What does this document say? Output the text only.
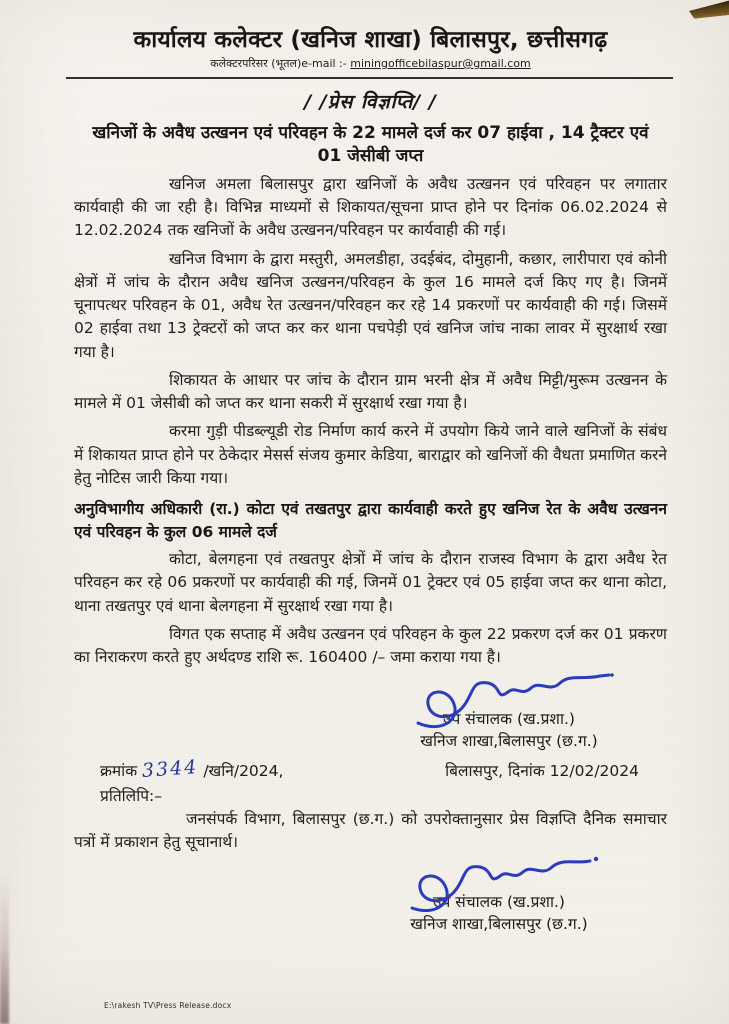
कार्यालय कलेक्टर (खनिज शाखा) बिलासपुर, छत्तीसगढ़
कलेक्टरपरिसर (भूतल)e-mail :- miningofficebilaspur@gmail.com
/ /प्रेस विज्ञप्ति/ /
खनिजों के अवैध उत्खनन एवं परिवहन के 22 मामले दर्ज कर 07 हाईवा , 14 ट्रैक्टर एवं 01 जेसीबी जप्त

खनिज अमला बिलासपुर द्वारा खनिजों के अवैध उत्खनन एवं परिवहन पर लगातार कार्यवाही की जा रही है। विभिन्न माध्यमों से शिकायत/सूचना प्राप्त होने पर दिनांक 06.02.2024 से 12.02.2024 तक खनिजों के अवैध उत्खनन/परिवहन पर कार्यवाही की गई।

खनिज विभाग के द्वारा मस्तुरी, अमलडीहा, उदईबंद, दोमुहानी, कछार, लारीपारा एवं कोनी क्षेत्रों में जांच के दौरान अवैध खनिज उत्खनन/परिवहन के कुल 16 मामले दर्ज किए गए है। जिनमें चूनापत्थर परिवहन के 01, अवैध रेत उत्खनन/परिवहन कर रहे 14 प्रकरणों पर कार्यवाही की गई। जिसमें 02 हाईवा तथा 13 ट्रेक्टरों को जप्त कर कर थाना पचपेड़ी एवं खनिज जांच नाका लावर में सुरक्षार्थ रखा गया है।

शिकायत के आधार पर जांच के दौरान ग्राम भरनी क्षेत्र में अवैध मिट्टी/मुरूम उत्खनन के मामले में 01 जेसीबी को जप्त कर थाना सकरी में सुरक्षार्थ रखा गया है।

करमा गुड़ी पीडब्ल्यूडी रोड निर्माण कार्य करने में उपयोग किये जाने वाले खनिजों के संबंध में शिकायत प्राप्त होने पर ठेकेदार मेसर्स संजय कुमार केडिया, बाराद्वार को खनिजों की वैधता प्रमाणित करने हेतु नोटिस जारी किया गया।

अनुविभागीय अधिकारी (रा.) कोटा एवं तखतपुर द्वारा कार्यवाही करते हुए खनिज रेत के अवैध उत्खनन एवं परिवहन के कुल 06 मामले दर्ज

कोटा, बेलगहना एवं तखतपुर क्षेत्रों में जांच के दौरान राजस्व विभाग के द्वारा अवैध रेत परिवहन कर रहे 06 प्रकरणों पर कार्यवाही की गई, जिनमें 01 ट्रेक्टर एवं 05 हाईवा जप्त कर थाना कोटा, थाना तखतपुर एवं थाना बेलगहना में सुरक्षार्थ रखा गया है।

विगत एक सप्ताह में अवैध उत्खनन एवं परिवहन के कुल 22 प्रकरण दर्ज कर 01 प्रकरण का निराकरण करते हुए अर्थदण्ड राशि रू. 160400 /– जमा कराया गया है।

उप संचालक (ख.प्रशा.)
खनिज शाखा,बिलासपुर (छ.ग.)
क्रमांक 3344 /खनि/2024,	बिलासपुर, दिनांक 12/02/2024
प्रतिलिपि:–

जनसंपर्क विभाग, बिलासपुर (छ.ग.) को उपरोक्तानुसार प्रेस विज्ञप्ति दैनिक समाचार पत्रों में प्रकाशन हेतु सूचानार्थ।

उप संचालक (ख.प्रशा.)
खनिज शाखा,बिलासपुर (छ.ग.)
E:\rakesh TV\Press Release.docx
